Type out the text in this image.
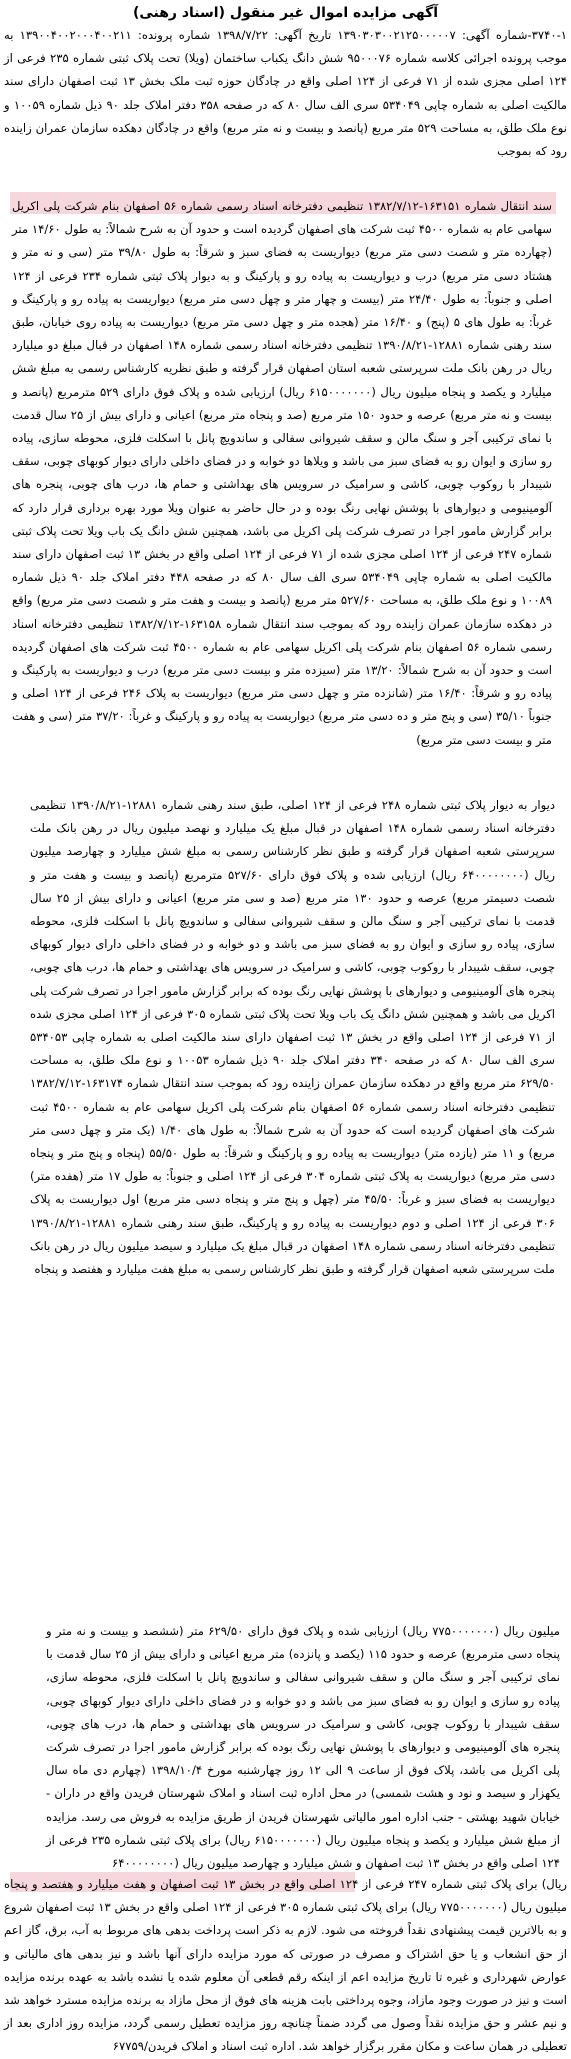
آگهی مزایده اموال غیر منقول (اسناد رهنی)

۳۷۴۰-۱-شماره آگهی: ۱۳۹۰۳۰۳۰۰۲۱۲۵۰۰۰۰۰۷ تاریخ آگهی: ۱۳۹۸/۷/۲۲ شماره پرونده: ۱۳۹۰۰۴۰۰۲۰۰۰۴۰۰۲۱۱ به موجب پرونده اجرائی کلاسه شماره ۹۵۰۰۰۷۶ شش دانگ یکباب ساختمان (ویلا) تحت پلاک ثبتی شماره ۲۳۵ فرعی از ۱۲۴ اصلی مجزی شده از ۷۱ فرعی از ۱۲۴ اصلی واقع در چادگان حوزه ثبت ملک بخش ۱۳ ثبت اصفهان دارای سند مالکیت اصلی به شماره چاپی ۵۳۴۰۴۹ سری الف سال ۸۰ که در صفحه ۳۵۸ دفتر املاک جلد ۹۰ ذیل شماره ۱۰۰۵۹ و نوع ملک طلق، به مساحت ۵۲۹ متر مربع (پانصد و بیست و نه متر مربع) واقع در چادگان دهکده سازمان عمران زاینده رود که بموجب

سند انتقال شماره ۱۶۳۱۵۱-۱۳۸۲/۷/۱۲ تنظیمی دفترخانه اسناد رسمی شماره ۵۶ اصفهان بنام شرکت پلی اکریل سهامی عام به شماره ۴۵۰۰ ثبت شرکت های اصفهان گردیده است و حدود آن به شرح شمالاً: به طول ۱۴/۶۰ متر (چهارده متر و شصت دسی متر مربع) دیواریست به فضای سبز و شرقاً: به طول ۳۹/۸۰ متر (سی و نه متر و هشتاد دسی متر مربع) درب و دیواریست به پیاده رو و پارکینگ و به دیوار پلاک ثبتی شماره ۲۳۴ فرعی از ۱۲۴ اصلی و جنوباً: به طول ۲۴/۴۰ متر (بیست و چهار متر و چهل دسی متر مربع) دیواریست به پیاده رو و پارکینگ و غرباً: به طول های ۵ (پنج) و ۱۶/۴۰ متر (هجده متر و چهل دسی متر مربع) دیواریست به پیاده روی خیابان، طبق سند رهنی شماره ۱۲۸۸۱-۱۳۹۰/۸/۲۱ تنظیمی دفترخانه اسناد رسمی شماره ۱۴۸ اصفهان در قبال مبلغ دو میلیارد ریال در رهن بانک ملت سرپرستی شعبه استان اصفهان قرار گرفته و طبق نظریه کارشناس رسمی به مبلغ شش میلیارد و یکصد و پنجاه میلیون ریال (۶۱۵۰۰۰۰۰۰۰ ریال) ارزیابی شده و پلاک فوق دارای ۵۲۹ مترمربع (پانصد و بیست و نه متر مربع) عرصه و حدود ۱۵۰ متر مربع (صد و پنجاه متر مربع) اعیانی و دارای بیش از ۲۵ سال قدمت با نمای ترکیبی آجر و سنگ مالن و سقف شیروانی سفالی و ساندویچ پانل با اسکلت فلزی، محوطه سازی، پیاده رو سازی و ایوان رو به فضای سبز می باشد و ویلاها دو خوابه و در فضای داخلی دارای دیوار کوبهای چوبی، سقف شیبدار با روکوب چوبی، کاشی و سرامیک در سرویس های بهداشتی و حمام ها، درب های چوبی، پنجره های آلومینیومی و دیوارهای با پوشش نهایی رنگ بوده و در حال حاضر به عنوان ویلا مورد بهره برداری قرار دارد که برابر گزارش مامور اجرا در تصرف شرکت پلی اکریل می باشد، همچنین شش دانگ یک باب ویلا تحت پلاک ثبتی شماره ۲۴۷ فرعی از ۱۲۴ اصلی مجزی شده از ۷۱ فرعی از ۱۲۴ اصلی واقع در بخش ۱۳ ثبت اصفهان دارای سند مالکیت اصلی به شماره چاپی ۵۳۴۰۴۹ سری الف سال ۸۰ که در صفحه ۴۴۸ دفتر املاک جلد ۹۰ ذیل شماره ۱۰۰۸۹ و نوع ملک طلق، به مساحت ۵۲۷/۶۰ متر مربع (پانصد و بیست و هفت متر و شصت دسی متر مربع) واقع در دهکده سازمان عمران زاینده رود که بموجب سند انتقال شماره ۱۶۳۱۵۸-۱۳۸۲/۷/۱۲ تنظیمی دفترخانه اسناد رسمی شماره ۵۶ اصفهان بنام شرکت پلی اکریل سهامی عام به شماره ۴۵۰۰ ثبت شرکت های اصفهان گردیده است و حدود آن به شرح شمالاً: ۱۳/۲۰ متر (سیزده متر و بیست دسی متر مربع) درب و دیواریست به پارکینگ و پیاده رو و شرقاً: ۱۶/۴۰ متر (شانزده متر و چهل دسی متر مربع) دیواریست به پلاک ۲۴۶ فرعی از ۱۲۴ اصلی و جنوباً ۳۵/۱۰ (سی و پنج متر و ده دسی متر مربع) دیواریست به پیاده رو و پارکینگ و غرباً: ۳۷/۲۰ متر (سی و هفت متر و بیست دسی متر مربع)

دیوار به دیوار پلاک ثبتی شماره ۲۴۸ فرعی از ۱۲۴ اصلی، طبق سند رهنی شماره ۱۲۸۸۱-۱۳۹۰/۸/۲۱ تنظیمی دفترخانه اسناد رسمی شماره ۱۴۸ اصفهان در قبال مبلغ یک میلیارد و نهصد میلیون ریال در رهن بانک ملت سرپرستی شعبه اصفهان قرار گرفته و طبق نظر کارشناس رسمی به مبلغ شش میلیارد و چهارصد میلیون ریال (۶۴۰۰۰۰۰۰۰۰ ریال) ارزیابی شده و پلاک فوق دارای ۵۲۷/۶۰ مترمربع (پانصد و بیست و هفت متر و شصت دسیمتر مربع) عرصه و حدود ۱۳۰ متر مربع (صد و سی متر مربع) اعیانی و دارای بیش از ۲۵ سال قدمت با نمای ترکیبی آجر و سنگ مالن و سقف شیروانی سفالی و ساندویچ پانل با اسکلت فلزی، محوطه سازی، پیاده رو سازی و ایوان رو به فضای سبز می باشد و دو خوابه و در فضای داخلی دارای دیوار کوبهای چوبی، سقف شیبدار با روکوب چوبی، کاشی و سرامیک در سرویس های بهداشتی و حمام ها، درب های چوبی، پنجره های آلومینیومی و دیوارهای با پوشش نهایی رنگ بوده که برابر گزارش مامور اجرا در تصرف شرکت پلی اکریل می باشد و همچنین شش دانگ یک باب ویلا تحت پلاک ثبتی شماره ۳۰۵ فرعی از ۱۲۴ اصلی مجزی شده از ۷۱ فرعی از ۱۲۴ اصلی واقع در بخش ۱۳ ثبت اصفهان دارای سند مالکیت اصلی به شماره چاپی ۵۳۴۰۵۳ سری الف سال ۸۰ که در صفحه ۳۴۰ دفتر املاک جلد ۹۰ ذیل شماره ۱۰۰۵۳ و نوع ملک طلق، به مساحت ۶۲۹/۵۰ متر مربع واقع در دهکده سازمان عمران زاینده رود که بموجب سند انتقال شماره ۱۶۳۱۷۴-۱۳۸۲/۷/۱۲ تنظیمی دفترخانه اسناد رسمی شماره ۵۶ اصفهان بنام شرکت پلی اکریل سهامی عام به شماره ۴۵۰۰ ثبت شرکت های اصفهان گردیده است که حدود آن به شرح شمالاً: به طول های ۱/۴۰ (یک متر و چهل دسی متر مربع) و ۱۱ متر (یازده متر) دیواریست به پیاده رو و پارکینگ و شرقاً: به طول ۵۵/۵۰ (پنجاه و پنج متر و پنجاه دسی متر مربع) دیواریست به پلاک ثبتی شماره ۳۰۴ فرعی از ۱۲۴ اصلی و جنوباً: به طول ۱۷ متر (هفده متر) دیواریست به فضای سبز و غرباً: ۴۵/۵۰ متر (چهل و پنج متر و پنجاه دسی متر مربع) اول دیواریست به پلاک ۳۰۶ فرعی از ۱۲۴ اصلی و دوم دیواریست به پیاده رو و پارکینگ، طبق سند رهنی شماره ۱۲۸۸۱-۱۳۹۰/۸/۲۱ تنظیمی دفترخانه اسناد رسمی شماره ۱۴۸ اصفهان در قبال مبلغ یک میلیارد و سیصد میلیون ریال در رهن بانک ملت سرپرستی شعبه اصفهان قرار گرفته و طبق نظر کارشناس رسمی به مبلغ هفت میلیارد و هفتصد و پنجاه

میلیون ریال (۷۷۵۰۰۰۰۰۰۰ ریال) ارزیابی شده و پلاک فوق دارای ۶۲۹/۵۰ متر (ششصد و بیست و نه متر و پنجاه دسی مترمربع) عرصه و حدود ۱۱۵ (یکصد و پانزده) متر مربع اعیانی و دارای بیش از ۲۵ سال قدمت با نمای ترکیبی آجر و سنگ مالن و سقف شیروانی سفالی و ساندویچ پانل با اسکلت فلزی، محوطه سازی، پیاده رو سازی و ایوان رو به فضای سبز می باشد و دو خوابه و در فضای داخلی دارای دیوار کوبهای چوبی، سقف شیبدار با روکوب چوبی، کاشی و سرامیک در سرویس های بهداشتی و حمام ها، درب های چوبی، پنجره های آلومینیومی و دیوارهای با پوشش نهایی رنگ بوده که برابر گزارش مامور اجرا در تصرف شرکت پلی اکریل می باشد، پلاک فوق از ساعت ۹ الی ۱۲ روز چهارشنبه مورخ ۱۳۹۸/۱۰/۴ (چهارم دی ماه سال یکهزار و سیصد و نود و هشت شمسی) در محل اداره ثبت اسناد و املاک شهرستان فریدن واقع در داران - خیابان شهید بهشتی - جنب اداره امور مالیاتی شهرستان فریدن از طریق مزایده به فروش می رسد. مزایده از مبلغ شش میلیارد و یکصد و پنجاه میلیون ریال (۶۱۵۰۰۰۰۰۰۰ ریال) برای پلاک ثبتی شماره ۲۳۵ فرعی از ۱۲۴ اصلی واقع در بخش ۱۳ ثبت اصفهان و شش میلیارد و چهارصد میلیون ریال (۶۴۰۰۰۰۰۰۰۰

ریال) برای پلاک ثبتی شماره ۲۴۷ فرعی از ۱۲۴ اصلی واقع در بخش ۱۳ ثبت اصفهان و هفت میلیارد و هفتصد و پنجاه میلیون ریال (۷۷۵۰۰۰۰۰۰۰ ریال) برای پلاک ثبتی شماره ۳۰۵ فرعی از ۱۲۴ اصلی واقع در بخش ۱۳ ثبت اصفهان شروع و به بالاترین قیمت پیشنهادی نقداً فروخته می شود. لازم به ذکر است پرداخت بدهی های مربوط به آب، برق، گاز اعم از حق انشعاب و یا حق اشتراک و مصرف در صورتی که مورد مزایده دارای آنها باشد و نیز بدهی های مالیاتی و عوارض شهرداری و غیره تا تاریخ مزایده اعم از اینکه رقم قطعی آن معلوم شده یا نشده باشد به عهده برنده مزایده است و نیز در صورت وجود مازاد، وجوه پرداختی بابت هزینه های فوق از محل مازاد به برنده مزایده مسترد خواهد شد و نیم عشر و حق مزایده نقداً وصول می گردد ضمناً چنانچه روز مزایده تعطیل رسمی گردد، مزایده روز اداری بعد از تعطیلی در همان ساعت و مکان مقرر برگزار خواهد شد. اداره ثبت اسناد و املاک فریدن/۶۷۷۵۹
